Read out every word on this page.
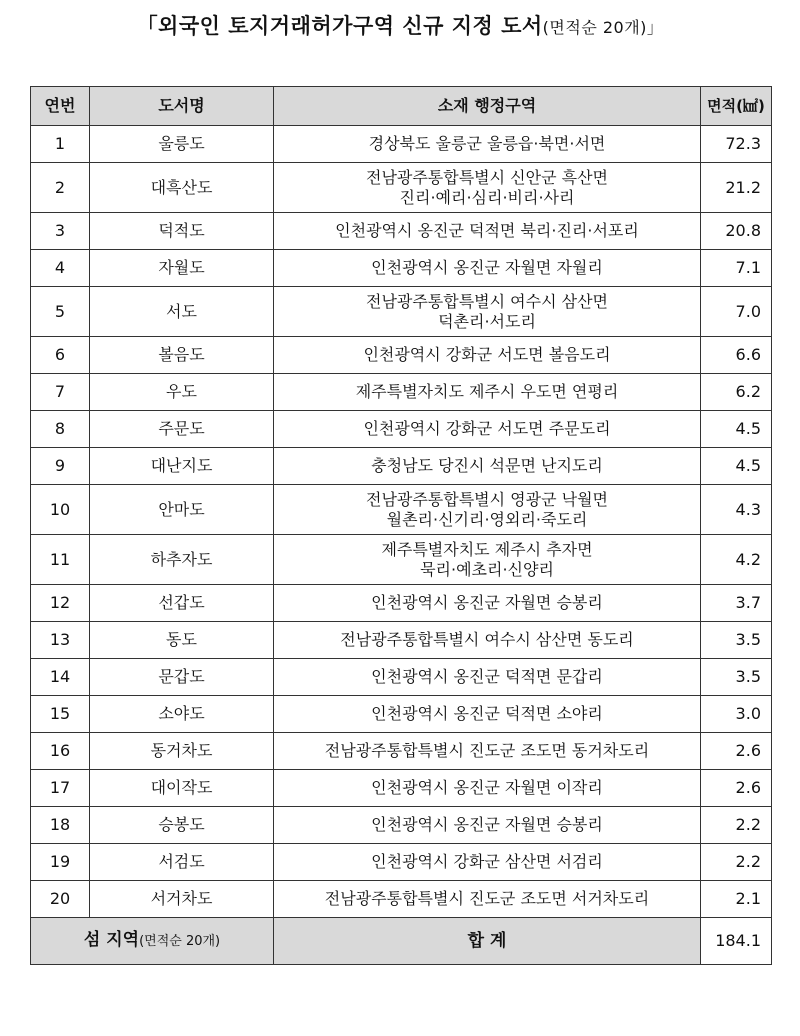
「외국인 토지거래허가구역 신규 지정 도서(면적순 20개)」
연번	도서명	소재 행정구역	면적(㎢)
1	울릉도	경상북도 울릉군 울릉읍·북면·서면	72.3
2	대흑산도	전남광주통합특별시 신안군 흑산면
진리·예리·심리·비리·사리	21.2
3	덕적도	인천광역시 옹진군 덕적면 북리·진리·서포리	20.8
4	자월도	인천광역시 옹진군 자월면 자월리	7.1
5	서도	전남광주통합특별시 여수시 삼산면
덕촌리·서도리	7.0
6	볼음도	인천광역시 강화군 서도면 볼음도리	6.6
7	우도	제주특별자치도 제주시 우도면 연평리	6.2
8	주문도	인천광역시 강화군 서도면 주문도리	4.5
9	대난지도	충청남도 당진시 석문면 난지도리	4.5
10	안마도	전남광주통합특별시 영광군 낙월면
월촌리·신기리·영외리·죽도리	4.3
11	하추자도	제주특별자치도 제주시 추자면
묵리·예초리·신양리	4.2
12	선갑도	인천광역시 옹진군 자월면 승봉리	3.7
13	동도	전남광주통합특별시 여수시 삼산면 동도리	3.5
14	문갑도	인천광역시 옹진군 덕적면 문갑리	3.5
15	소야도	인천광역시 옹진군 덕적면 소야리	3.0
16	동거차도	전남광주통합특별시 진도군 조도면 동거차도리	2.6
17	대이작도	인천광역시 옹진군 자월면 이작리	2.6
18	승봉도	인천광역시 옹진군 자월면 승봉리	2.2
19	서검도	인천광역시 강화군 삼산면 서검리	2.2
20	서거차도	전남광주통합특별시 진도군 조도면 서거차도리	2.1
섬 지역(면적순 20개)		합 계	184.1
